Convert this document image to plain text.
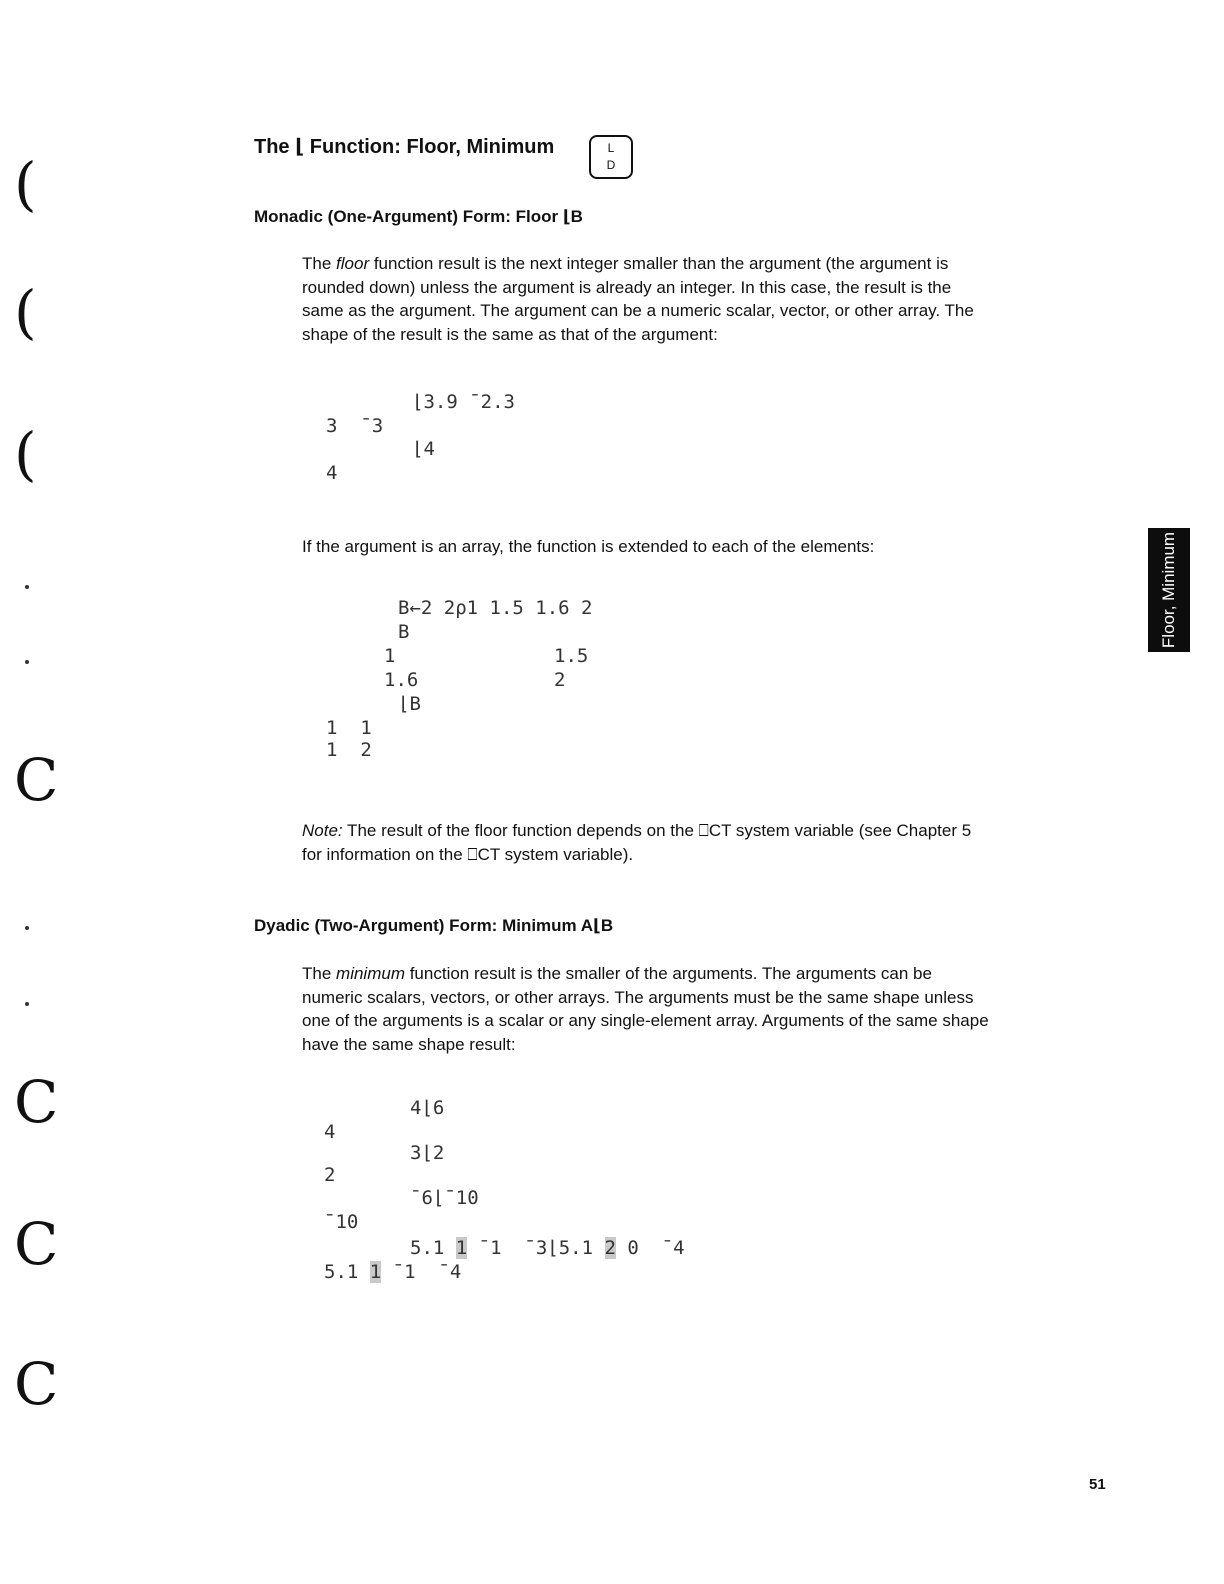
(
(
(
C
C
C
C
The ⌊ Function: Floor, Minimum	L
D
Monadic (One-Argument) Form: Floor ⌊B
The floor function result is the next integer smaller than the argument (the argument is rounded down) unless the argument is already an integer. In this case, the result is the same as the argument. The argument can be a numeric scalar, vector, or other array. The shape of the result is the same as that of the argument:
⌊3.9 ¯2.3
3  ¯3
⌊4
4
If the argument is an array, the function is extended to each of the elements:
B←2 2⍴1 1.5 1.6 2
B
1	1.5
1.6	2
⌊B
1  1
1  2
Note: The result of the floor function depends on the ⎕CT system variable (see Chapter 5 for information on the ⎕CT system variable).
Dyadic (Two-Argument) Form: Minimum A⌊B
The minimum function result is the smaller of the arguments. The arguments can be numeric scalars, vectors, or other arrays. The arguments must be the same shape unless one of the arguments is a scalar or any single-element array. Arguments of the same shape have the same shape result:
4⌊6
4
3⌊2
2
¯6⌊¯10
¯10
5.1 1 ¯1  ¯3⌊5.1 2 0  ¯4
5.1 1 ¯1  ¯4
Floor, Minimum
51
